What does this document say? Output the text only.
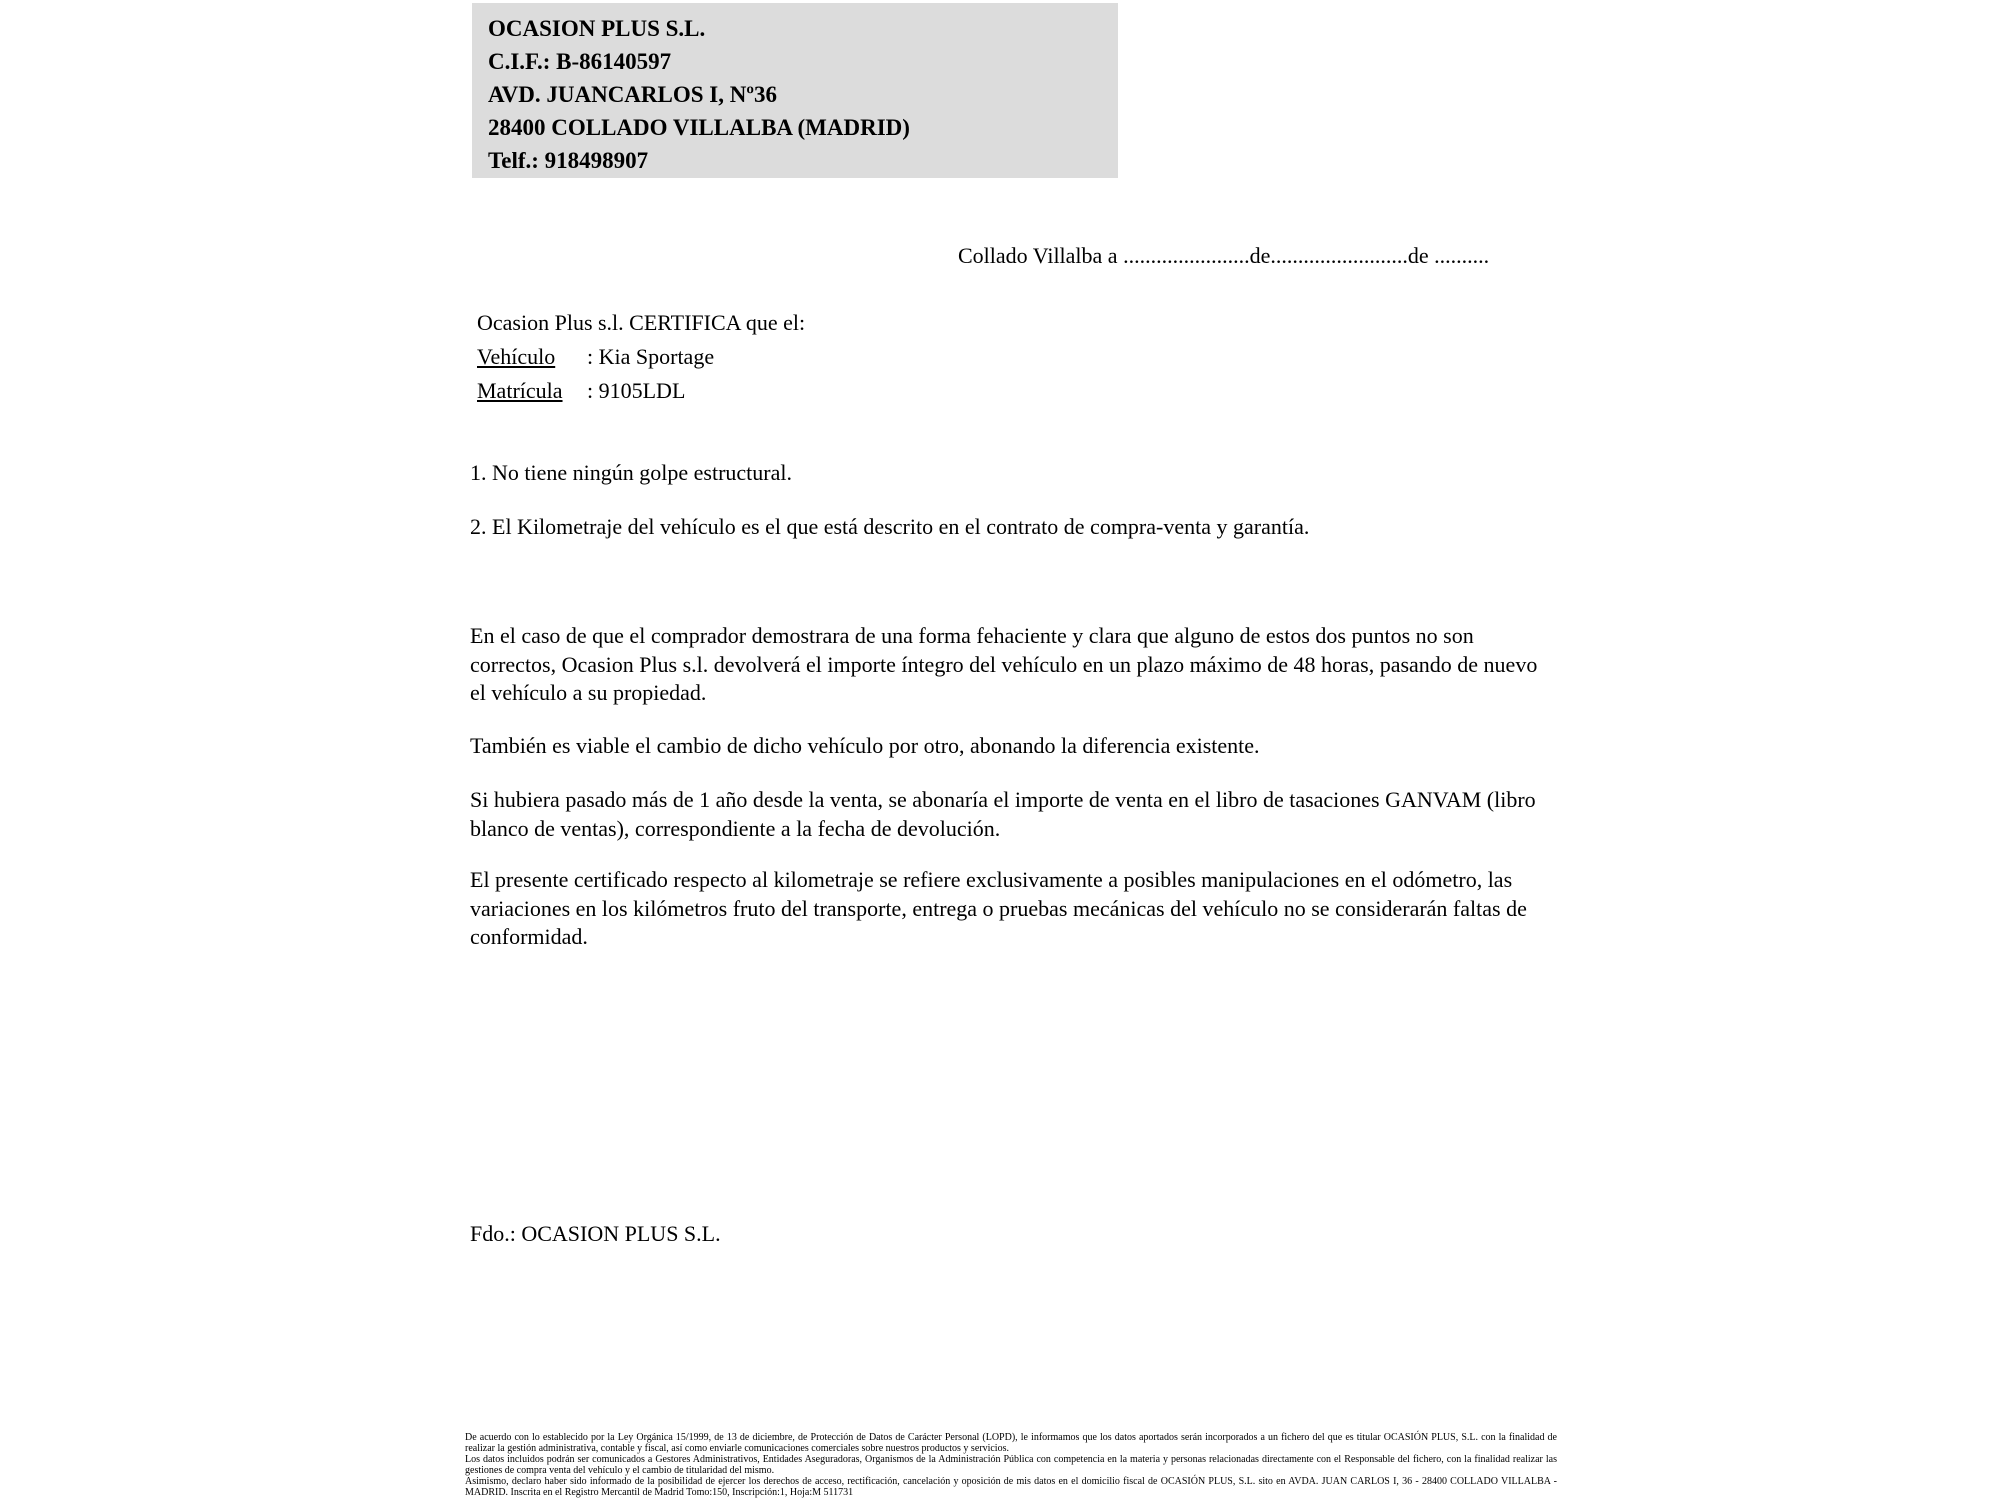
OCASION PLUS S.L.
C.I.F.: B-86140597
AVD. JUANCARLOS I, Nº36
28400 COLLADO VILLALBA (MADRID)
Telf.: 918498907
Collado Villalba a .......................de.........................de ..........
Ocasion Plus s.l. CERTIFICA que el:
Vehículo : Kia Sportage
Matrícula : 9105LDL
1. No tiene ningún golpe estructural.
2. El Kilometraje del vehículo es el que está descrito en el contrato de compra-venta y garantía.
En el caso de que el comprador demostrara de una forma fehaciente y clara que alguno de estos dos puntos no son correctos, Ocasion Plus s.l. devolverá el importe íntegro del vehículo en un plazo máximo de 48 horas, pasando de nuevo el vehículo a su propiedad.
También es viable el cambio de dicho vehículo por otro, abonando la diferencia existente.
Si hubiera pasado más de 1 año desde la venta, se abonaría el importe de venta en el libro de tasaciones GANVAM (libro blanco de ventas), correspondiente a la fecha de devolución.
El presente certificado respecto al kilometraje se refiere exclusivamente a posibles manipulaciones en el odómetro, las variaciones en los kilómetros fruto del transporte, entrega o pruebas mecánicas del vehículo no se considerarán faltas de conformidad.
Fdo.: OCASION PLUS S.L.

De acuerdo con lo establecido por la Ley Orgánica 15/1999, de 13 de diciembre, de Protección de Datos de Carácter Personal (LOPD), le informamos que los datos aportados serán incorporados a un fichero del que es titular OCASIÓN PLUS, S.L. con la finalidad de realizar la gestión administrativa, contable y fiscal, así como enviarle comunicaciones comerciales sobre nuestros productos y servicios.

Los datos incluidos podrán ser comunicados a Gestores Administrativos, Entidades Aseguradoras, Organismos de la Administración Pública con competencia en la materia y personas relacionadas directamente con el Responsable del fichero, con la finalidad realizar las gestiones de compra venta del vehículo y el cambio de titularidad del mismo.

Asimismo, declaro haber sido informado de la posibilidad de ejercer los derechos de acceso, rectificación, cancelación y oposición de mis datos en el domicilio fiscal de OCASIÓN PLUS, S.L. sito en AVDA. JUAN CARLOS I, 36 - 28400 COLLADO VILLALBA - MADRID. Inscrita en el Registro Mercantil de Madrid Tomo:150, Inscripción:1, Hoja:M 511731
